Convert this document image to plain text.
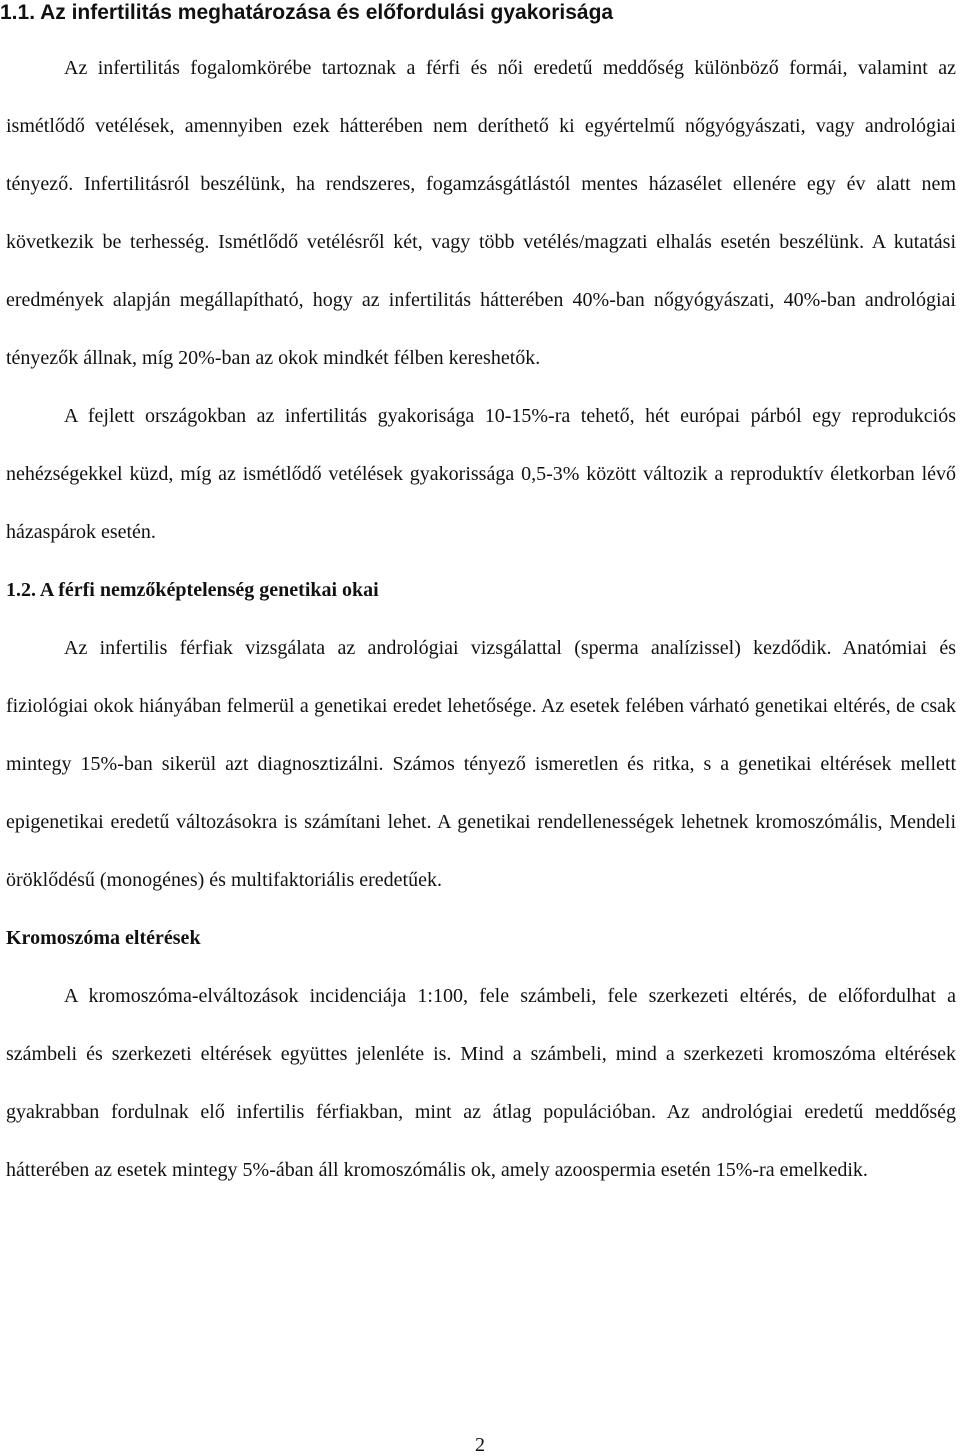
1.1. Az infertilitás meghatározása és előfordulási gyakorisága

Az infertilitás fogalomkörébe tartoznak a férfi és női eredetű meddőség különböző formái, valamint az ismétlődő vetélések, amennyiben ezek hátterében nem deríthető ki egyértelmű nőgyógyászati, vagy andrológiai tényező. Infertilitásról beszélünk, ha rendszeres, fogamzásgátlástól mentes házasélet ellenére egy év alatt nem következik be terhesség. Ismétlődő vetélésről két, vagy több vetélés/magzati elhalás esetén beszélünk. A kutatási eredmények alapján megállapítható, hogy az infertilitás hátterében 40%-ban nőgyógyászati, 40%-ban andrológiai tényezők állnak, míg 20%-ban az okok mindkét félben kereshetők.

A fejlett országokban az infertilitás gyakorisága 10-15%-ra tehető, hét európai párból egy reprodukciós nehézségekkel küzd, míg az ismétlődő vetélések gyakorissága 0,5-3% között változik a reproduktív életkorban lévő házaspárok esetén.

1.2. A férfi nemzőképtelenség genetikai okai

Az infertilis férfiak vizsgálata az andrológiai vizsgálattal (sperma analízissel) kezdődik. Anatómiai és fiziológiai okok hiányában felmerül a genetikai eredet lehetősége. Az esetek felében várható genetikai eltérés, de csak mintegy 15%-ban sikerül azt diagnosztizálni. Számos tényező ismeretlen és ritka, s a genetikai eltérések mellett epigenetikai eredetű változásokra is számítani lehet. A genetikai rendellenességek lehetnek kromoszómális, Mendeli öröklődésű (monogénes) és multifaktoriális eredetűek.

Kromoszóma eltérések

A kromoszóma-elváltozások incidenciája 1:100, fele számbeli, fele szerkezeti eltérés, de előfordulhat a számbeli és szerkezeti eltérések együttes jelenléte is. Mind a számbeli, mind a szerkezeti kromoszóma eltérések gyakrabban fordulnak elő infertilis férfiakban, mint az átlag populációban. Az andrológiai eredetű meddőség hátterében az esetek mintegy 5%-ában áll kromoszómális ok, amely azoospermia esetén 15%-ra emelkedik.

2
